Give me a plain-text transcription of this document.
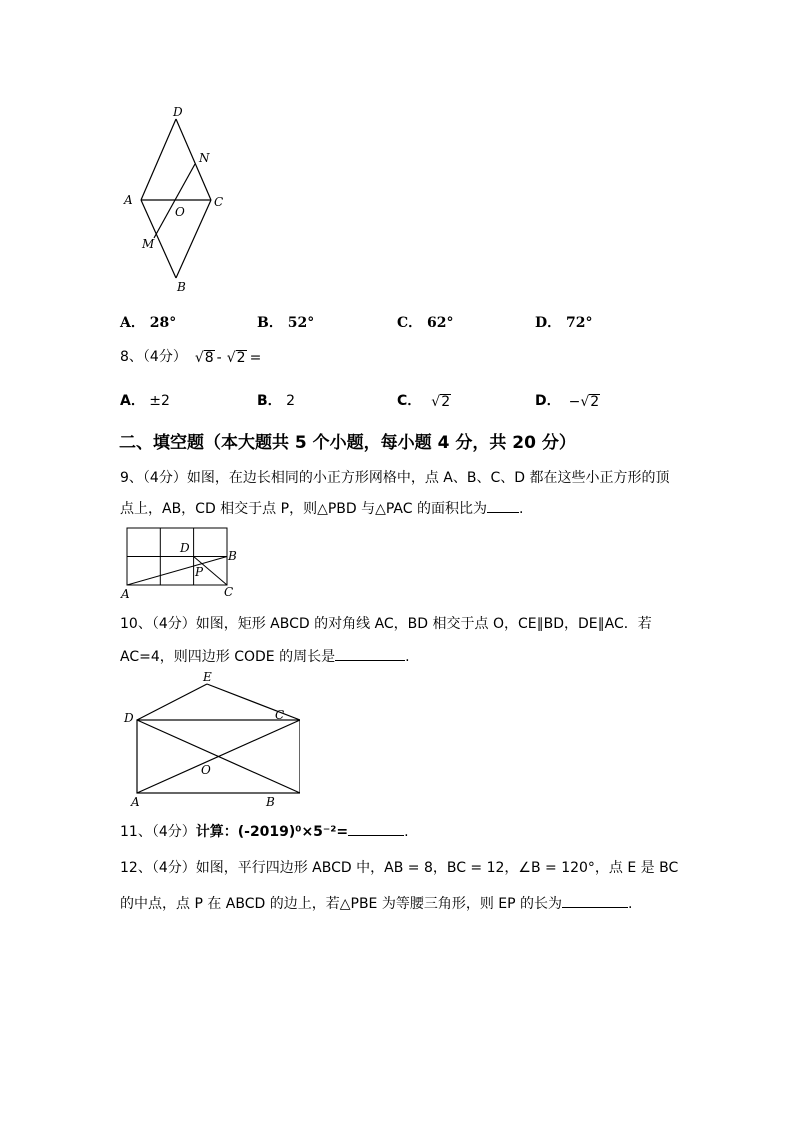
D
N
A
O
C
M
B
A． 28°	B． 52°	C． 62°	D． 72°
8、（4分） √ 8 - √ 2 =
A． ±2	B． 2	C． √ 2	D． − √ 2
二、填空题（本大题共 5 个小题，每小题 4 分，共 20 分）
9、（4分）如图，在边长相同的小正方形网格中，点 A、B、C、D 都在这些小正方形的顶
点上，AB，CD 相交于点 P，则△PBD 与△PAC 的面积比为 .
D
B
P
A	C
10、（4分）如图，矩形 ABCD 的对角线 AC，BD 相交于点 O，CE∥BD，DE∥AC．若
AC=4，则四边形 CODE 的周长是	.
E
D	C
O
A	B
11、（4分）计算：(-2019)⁰×5⁻²=	.
12、（4分）如图，平行四边形 ABCD 中，AB = 8，BC = 12，∠B = 120°，点 E 是 BC
的中点，点 P 在 ABCD 的边上，若△PBE 为等腰三角形，则 EP 的长为	.
